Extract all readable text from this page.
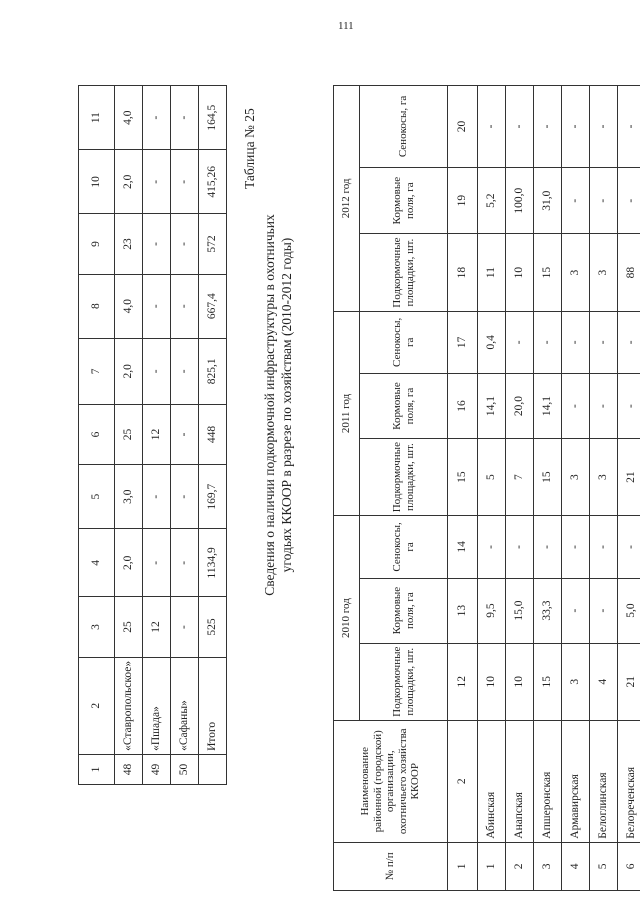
111
1	2	3	4	5	6	7	8	9	10	11
48	«Ставропольское»	25	2,0	3,0	25	2,0	4,0	23	2,0	4,0
49	«Пшада»	12	-	-	12	-	-	-	-	-
50	«Сафаны»	-	-	-	-	-	-	-	-	-
	Итого	525	1134,9	169,7	448	825,1	667,4	572	415,26	164,5 Таблица № 25
Сведения о наличии подкормочной инфраструктуры в охотничьих угодьях ККООР в разрезе по хозяйствам (2010-2012 годы)
№ п/п	Наименование районной (городской) организации, охотничьего хозяйства ККООР	2010 год			2011 год			2012 год		
		Подкормочные площадки, шт.	Кормовые поля, га	Сенокосы, га	Подкормочные площадки, шт.	Кормовые поля, га	Сенокосы, га	Подкормочные площадки, шт.	Кормовые поля, га	Сенокосы, га
1	2	12	13	14	15	16	17	18	19	20
1	Абинская	10	9,5	-	5	14,1	0,4	11	5,2	-
2	Анапская	10	15,0	-	7	20,0	-	10	100,0	-
3	Апшеронская	15	33,3	-	15	14,1	-	15	31,0	-
4	Армавирская	3	-	-	3	-	-	3	-	-
5	Белоглинская	4	-	-	3	-	-	3	-	-
6	Белореченская	21	5,0	-	21	-	-	88	-	-
